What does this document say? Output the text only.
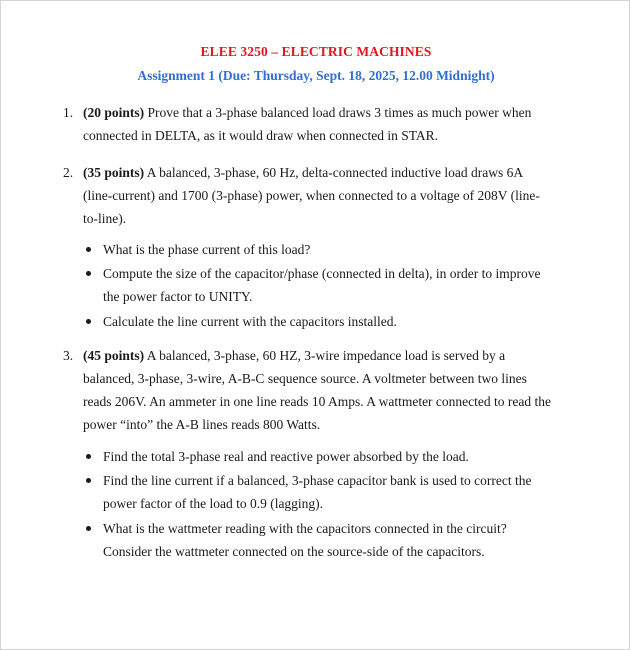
ELEE 3250 – ELECTRIC MACHINES
Assignment 1 (Due: Thursday, Sept. 18, 2025, 12.00 Midnight)
1. (20 points) Prove that a 3-phase balanced load draws 3 times as much power when connected in DELTA, as it would draw when connected in STAR.
2. (35 points) A balanced, 3-phase, 60 Hz, delta-connected inductive load draws 6A (line-current) and 1700 (3-phase) power, when connected to a voltage of 208V (line-to-line).
What is the phase current of this load?
Compute the size of the capacitor/phase (connected in delta), in order to improve the power factor to UNITY.
Calculate the line current with the capacitors installed.
3. (45 points) A balanced, 3-phase, 60 HZ, 3-wire impedance load is served by a balanced, 3-phase, 3-wire, A-B-C sequence source. A voltmeter between two lines reads 206V. An ammeter in one line reads 10 Amps. A wattmeter connected to read the power “into” the A-B lines reads 800 Watts.
Find the total 3-phase real and reactive power absorbed by the load.
Find the line current if a balanced, 3-phase capacitor bank is used to correct the power factor of the load to 0.9 (lagging).
What is the wattmeter reading with the capacitors connected in the circuit? Consider the wattmeter connected on the source-side of the capacitors.
